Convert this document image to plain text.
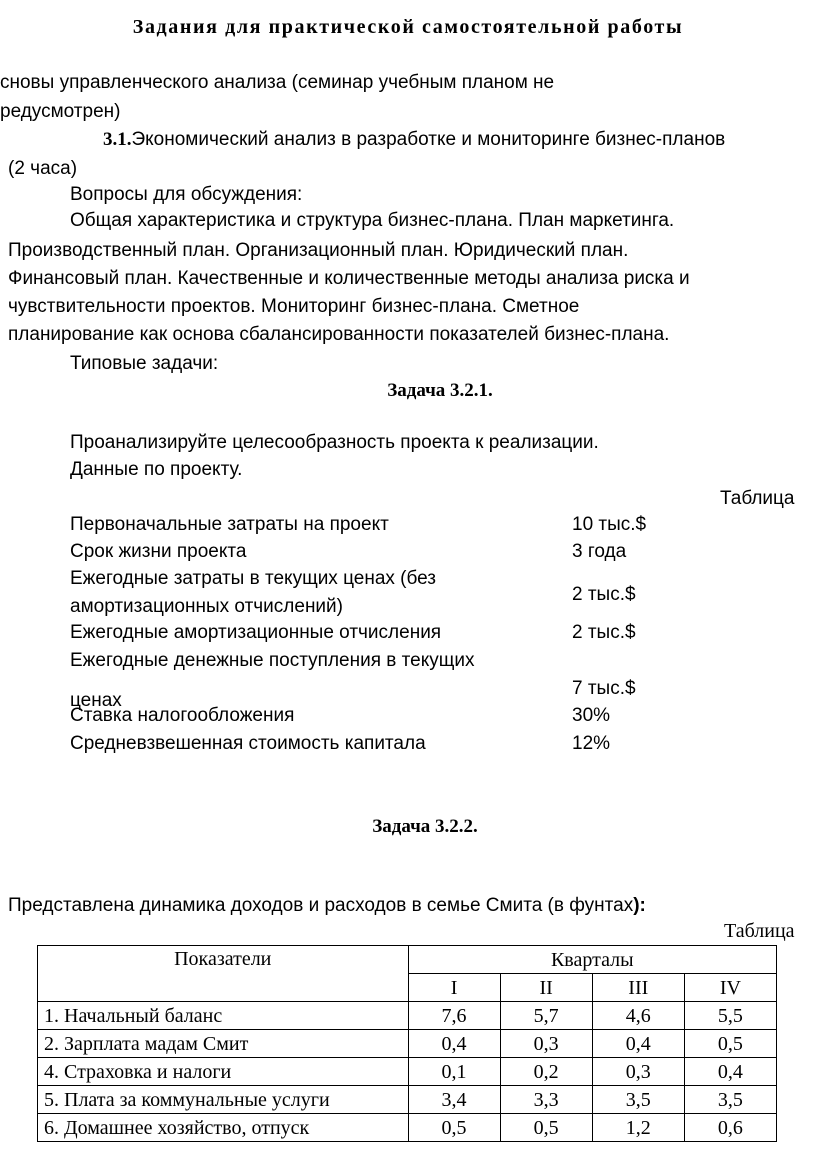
Задания для практической самостоятельной работы
сновы управленческого анализа (семинар учебным планом не
редусмотрен)
3.1.Экономический анализ в разработке и мониторинге бизнес-планов
(2 часа)
Вопросы для обсуждения:
Общая характеристика и структура бизнес-плана. План маркетинга.
Производственный план. Организационный план. Юридический план.
Финансовый план. Качественные и количественные методы анализа риска и
чувствительности проектов. Мониторинг бизнес-плана. Сметное
планирование как основа сбалансированности показателей бизнес-плана.
Типовые задачи:
Задача 3.2.1.
Проанализируйте целесообразность проекта к реализации.
Данные по проекту.
Таблица
Первоначальные затраты на проект	10 тыс.$
Срок жизни проекта	3 года
Ежегодные затраты в текущих ценах (без
амортизационных отчислений)
2 тыс.$
Ежегодные амортизационные отчисления	2 тыс.$
Ежегодные денежные поступления в текущих
ценах
7 тыс.$
Ставка налогообложения	30%
Средневзвешенная стоимость капитала	12%
Задача 3.2.2.
Представлена динамика доходов и расходов в семье Смита (в фунтах):
Таблица
Показатели	Кварталы			
	I	II	III	IV
1. Начальный баланс	7,6	5,7	4,6	5,5
2. Зарплата мадам Смит	0,4	0,3	0,4	0,5
4. Страховка и налоги	0,1	0,2	0,3	0,4
5. Плата за коммунальные услуги	3,4	3,3	3,5	3,5
6. Домашнее хозяйство, отпуск	0,5	0,5	1,2	0,6
